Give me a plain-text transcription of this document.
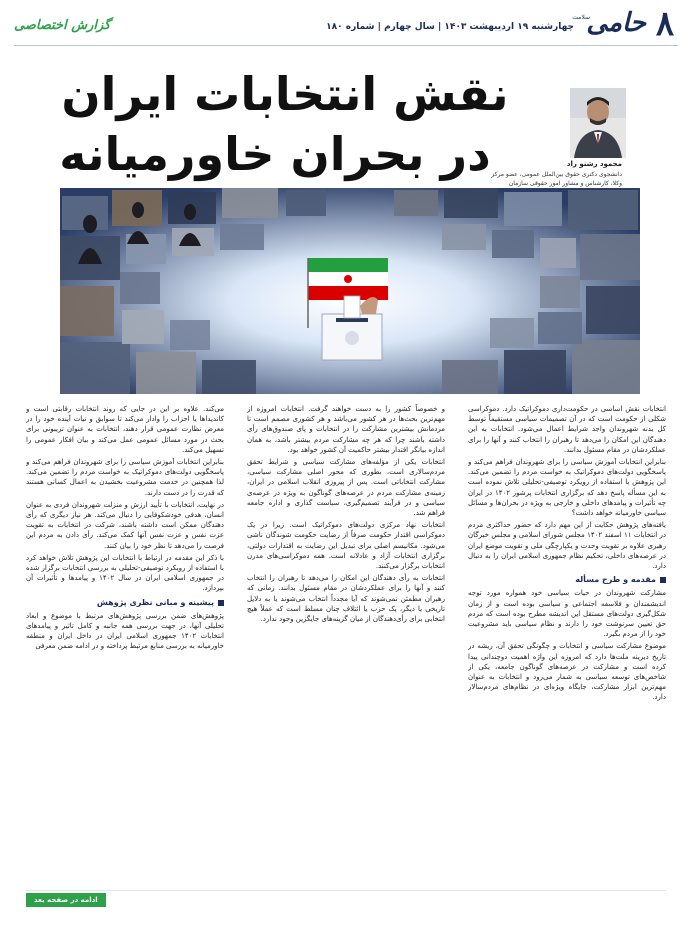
۸
حامی
سلامت
چهارشنبه ۱۹ اردیبهشت ۱۴۰۳ | سال چهارم | شماره ۱۸۰
گزارش اختصاصی
نقش انتخابات ایران
در بحران خاورمیانه	محمود رشنو راد
دانشجوی دکتری حقوق بین‌الملل عمومی، عضو مرکز وکلا، کارشناس و مشاور امور حقوقی سازمان

انتخابات نقش اساسی در حکومت‌داری دموکراتیک دارد. دموکراسی شکلی از حکومت است که در آن تصمیمات سیاسی مستقیماً توسط کل بدنه شهروندان واجد شرایط اعمال می‌شود. انتخابات به این دهندگان این امکان را می‌دهد تا رهبران را انتخاب کنند و آنها را برای عملکردشان در مقام مسئول بدانند.

بنابراین انتخابات آموزش سیاسی را برای شهروندان فراهم می‌کند و پاسخگویی دولت‌های دموکراتیک به خواست مردم را تضمین می‌کند. این پژوهش با استفاده از رویکرد توصیفی-تحلیلی تلاش نموده است به این مسأله پاسخ دهد که برگزاری انتخابات پرشور ۱۴۰۲ در ایران چه تأثیرات و پیامدهای داخلی و خارجی به ویژه در بحران‌ها و مسائل سیاسی خاورمیانه خواهد داشت؟

یافته‌های پژوهش حکایت از این مهم دارد که حضور حداکثری مردم در انتخابات ۱۱ اسفند ۱۴۰۲ مجلس شورای اسلامی و مجلس خبرگان رهبری علاوه بر تقویت وحدت و یکپارچگی ملی و تقویت موضع ایران در عرصه‌های داخلی، تحکیم نظام جمهوری اسلامی ایران را به دنبال دارد.

مقدمه و طرح مسأله

مشارکت شهروندان در حیات سیاسی خود همواره مورد توجه اندیشمندان و فلاسفه اجتماعی و سیاسی بوده است و از زمان شکل‌گیری دولت‌های مستقل این اندیشه مطرح بوده است که مردم حق تعیین سرنوشت خود را دارند و نظام سیاسی باید مشروعیت خود را از مردم بگیرد.

موضوع مشارکت سیاسی و انتخابات و چگونگی تحقق آن، ریشه در تاریخ دیرینه ملت‌ها دارد که امروزه این واژه اهمیت دوچندانی پیدا کرده است و مشارکت در عرصه‌های گوناگون جامعه، یکی از شاخص‌های توسعه سیاسی به شمار می‌رود و انتخابات به عنوان مهم‌ترین ابزار مشارکت، جایگاه ویژه‌ای در نظام‌های مردم‌سالار دارد.

و خصوصاً کشور را به دست خواهند گرفت. انتخابات امروزه از مهم‌ترین بحث‌ها در هر کشور می‌باشد و هر کشوری مصمم است تا مردمانش بیشترین مشارکت را در انتخابات و پای صندوق‌های رأی داشته باشند چرا که هر چه مشارکت مردم بیشتر باشد، به همان اندازه بیانگر اقتدار بیشتر حاکمیت آن کشور خواهد بود.

انتخابات یکی از مؤلفه‌های مشارکت سیاسی و شرایط تحقق مردم‌سالاری است، بطوری که محور اصلی مشارکت سیاسی، مشارکت انتخاباتی است. پس از پیروزی انقلاب اسلامی در ایران، زمینه‌ی مشارکت مردم در عرصه‌های گوناگون به ویژه در عرصه‌ی سیاسی و در فرآیند تصمیم‌گیری، سیاست گذاری و اداره جامعه فراهم شد.

انتخابات نهاد مرکزی دولت‌های دموکراتیک است. زیرا در یک دموکراسی اقتدار حکومت صرفاً از رضایت حکومت شوندگان ناشی می‌شود. مکانیسم اصلی برای تبدیل این رضایت به اقتدارات دولتی، برگزاری انتخابات آزاد و عادلانه است. همه دموکراسی‌های مدرن انتخابات برگزار می‌کنند.

انتخابات به رأی دهندگان این امکان را می‌دهد تا رهبران را انتخاب کنند و آنها را برای عملکردشان در مقام مسئول بدانند. زمانی که رهبران مطمئن نمی‌شوند که آیا مجدداً انتخاب می‌شوند یا به دلایل تاریخی یا دیگر، یک حزب یا ائتلاف چنان مسلط است که عملاً هیچ انتخابی برای رأی‌دهندگان از میان گزینه‌های جایگزین وجود ندارد.

می‌کند. علاوه بر این در جایی که روند انتخابات رقابتی است و کاندیداها یا احزاب را وادار می‌کند تا سوابق و نیات آینده خود را در معرض نظارت عمومی قرار دهند، انتخابات به عنوان تریبونی برای بحث در مورد مسائل عمومی عمل می‌کند و بیان افکار عمومی را تسهیل می‌کند.

بنابراین انتخابات آموزش سیاسی را برای شهروندان فراهم می‌کند و پاسخگویی دولت‌های دموکراتیک به خواست مردم را تضمین می‌کند. لذا همچنین در خدمت مشروعیت بخشیدن به اعمال کسانی هستند که قدرت را در دست دارند.

در نهایت، انتخابات با تأیید ارزش و منزلت شهروندان فردی به عنوان انسان، هدفی خودشکوفایی را دنبال می‌کند. هر نیاز دیگری که رأی دهندگان ممکن است داشته باشند، شرکت در انتخابات به تقویت عزت نفس و عزت نفس آنها کمک می‌کند. رأی دادن به مردم این فرصت را می‌دهد تا نظر خود را بیان کنند.

با ذکر این مقدمه در ارتباط با انتخابات این پژوهش تلاش خواهد کرد با استفاده از رویکرد توصیفی-تحلیلی به بررسی انتخابات برگزار شده در جمهوری اسلامی ایران در سال ۱۴۰۲ و پیامدها و تأثیرات آن بپردازد.

پیشینه و مبانی نظری پژوهش

پژوهش‌های ضمن بررسی پژوهش‌های مرتبط با موضوع و ابعاد تحلیلی آنها، در جهت بررسی همه جانبه و کامل تاثیر و پیامدهای انتخابات ۱۴۰۲ جمهوری اسلامی ایران در داخل ایران و منطقه خاورمیانه به بررسی منابع مرتبط پرداخته و در ادامه ضمن معرفی

ادامه در صفحه بعد
